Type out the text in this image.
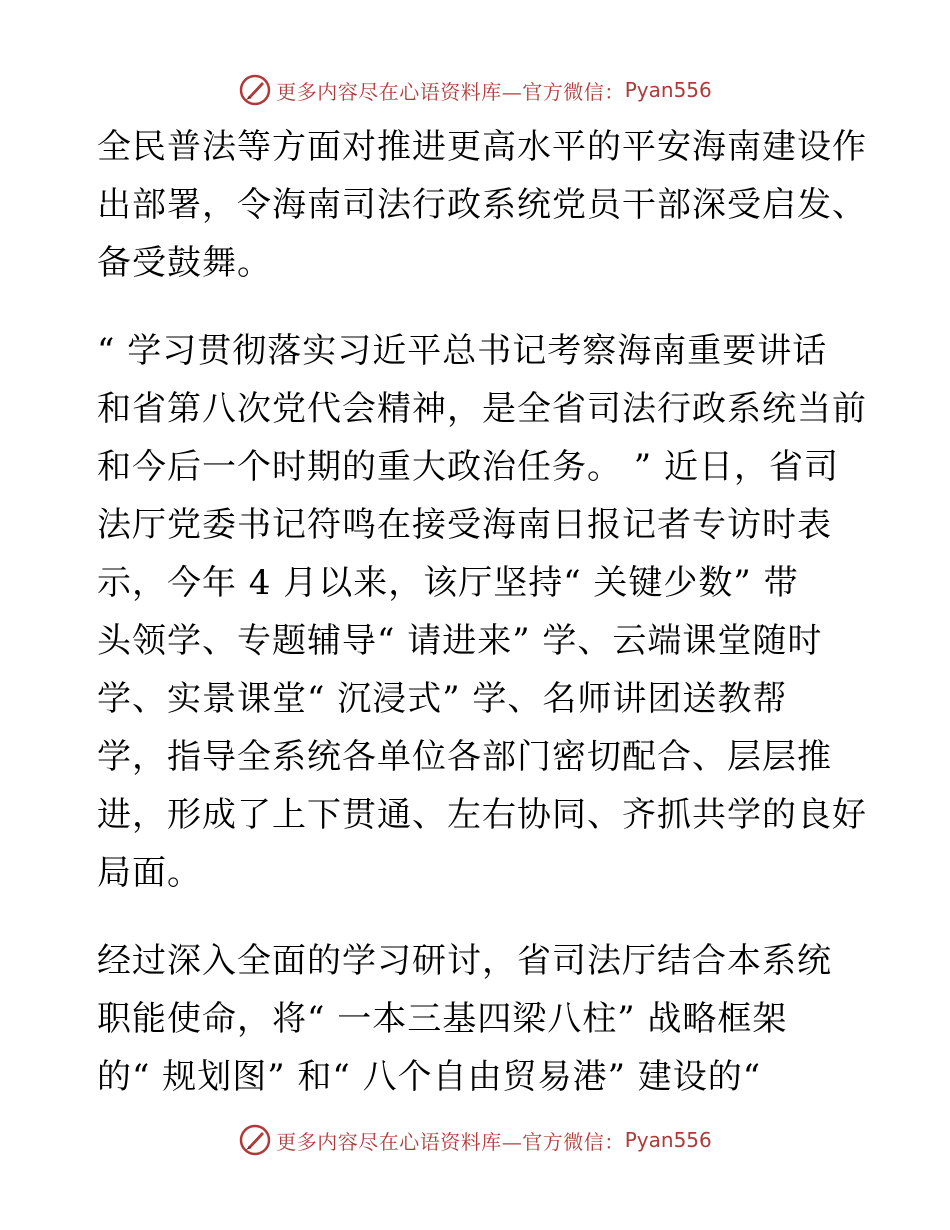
更多内容尽在心语资料库—官方微信： Pyan556
全民普法等方面对推进更高水平的平安海南建设作
出部署，令海南司法行政系统党员干部深受启发、
备受鼓舞。
“ 学习贯彻落实习近平总书记考察海南重要讲话
和省第八次党代会精神，是全省司法行政系统当前
和今后一个时期的重大政治任务。 ” 近日，省司
法厅党委书记符鸣在接受海南日报记者专访时表
示，今年 4 月以来，该厅坚持“ 关键少数” 带
头领学、专题辅导“ 请进来” 学、云端课堂随时
学、实景课堂“ 沉浸式” 学、名师讲团送教帮
学，指导全系统各单位各部门密切配合、层层推
进，形成了上下贯通、左右协同、齐抓共学的良好
局面。
经过深入全面的学习研讨，省司法厅结合本系统
职能使命，将“ 一本三基四梁八柱” 战略框架
的“ 规划图” 和“ 八个自由贸易港” 建设的“
更多内容尽在心语资料库—官方微信： Pyan556
